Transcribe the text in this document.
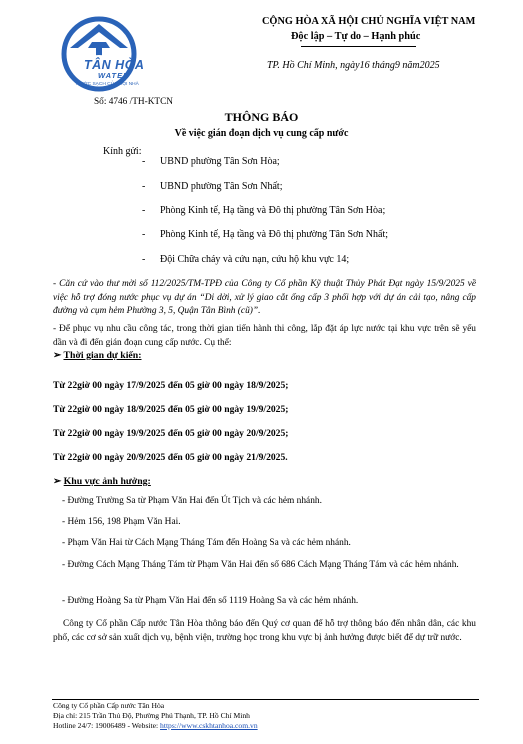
TÂN HÒA
WATER
NƯỚC SẠCH CỦA MỌI NHÀ
CỘNG HÒA XÃ HỘI CHỦ NGHĨA VIỆT NAM
Độc lập – Tự do – Hạnh phúc
TP. Hồ Chí Minh, ngày16 tháng9 năm2025
Số: 4746 /TH-KTCN
THÔNG BÁO
Về việc gián đoạn dịch vụ cung cấp nước
Kính gửi:
- UBND phường Tân Sơn Hòa;
- UBND phường Tân Sơn Nhất;
- Phòng Kinh tế, Hạ tầng và Đô thị phường Tân Sơn Hòa;
- Phòng Kinh tế, Hạ tầng và Đô thị phường Tân Sơn Nhất;
- Đội Chữa cháy và cứu nạn, cứu hộ khu vực 14;
- Căn cứ vào thư mời số 112/2025/TM-TPĐ của Công ty Cổ phần Kỹ thuật Thủy Phát Đạt ngày 15/9/2025 về việc hỗ trợ đóng nước phục vụ dự án “Di dời, xử lý giao cắt ống cấp 3 phối hợp với dự án cải tạo, nâng cấp đường và cụm hẻm Phường 3, 5, Quận Tân Bình (cũ)”.
- Để phục vụ nhu cầu công tác, trong thời gian tiến hành thi công, lắp đặt áp lực nước tại khu vực trên sẽ yếu dần và đi đến gián đoạn cung cấp nước. Cụ thể:
➢ Thời gian dự kiến:
Từ 22giờ 00 ngày 17/9/2025 đến 05 giờ 00 ngày 18/9/2025;
Từ 22giờ 00 ngày 18/9/2025 đến 05 giờ 00 ngày 19/9/2025;
Từ 22giờ 00 ngày 19/9/2025 đến 05 giờ 00 ngày 20/9/2025;
Từ 22giờ 00 ngày 20/9/2025 đến 05 giờ 00 ngày 21/9/2025.
➢ Khu vực ảnh hưởng:
- Đường Trường Sa từ Phạm Văn Hai đến Út Tịch và các hẻm nhánh.
- Hẻm 156, 198 Phạm Văn Hai.
- Phạm Văn Hai từ Cách Mạng Tháng Tám đến Hoàng Sa và các hẻm nhánh.
- Đường Cách Mạng Tháng Tám từ Phạm Văn Hai đến số 686 Cách Mạng Tháng Tám và các hẻm nhánh.
- Đường Hoàng Sa từ Phạm Văn Hai đến số 1119 Hoàng Sa và các hẻm nhánh.
Công ty Cổ phần Cấp nước Tân Hòa thông báo đến Quý cơ quan để hỗ trợ thông báo đến nhân dân, các khu phố, các cơ sở sản xuất dịch vụ, bệnh viện, trường học trong khu vực bị ảnh hưởng được biết để dự trữ nước.
Công ty Cổ phần Cấp nước Tân Hòa
Địa chỉ: 215 Trần Thủ Độ, Phường Phú Thạnh, TP. Hồ Chí Minh
Hotline 24/7: 19006489 - Website: https://www.cskhtanhoa.com.vn
